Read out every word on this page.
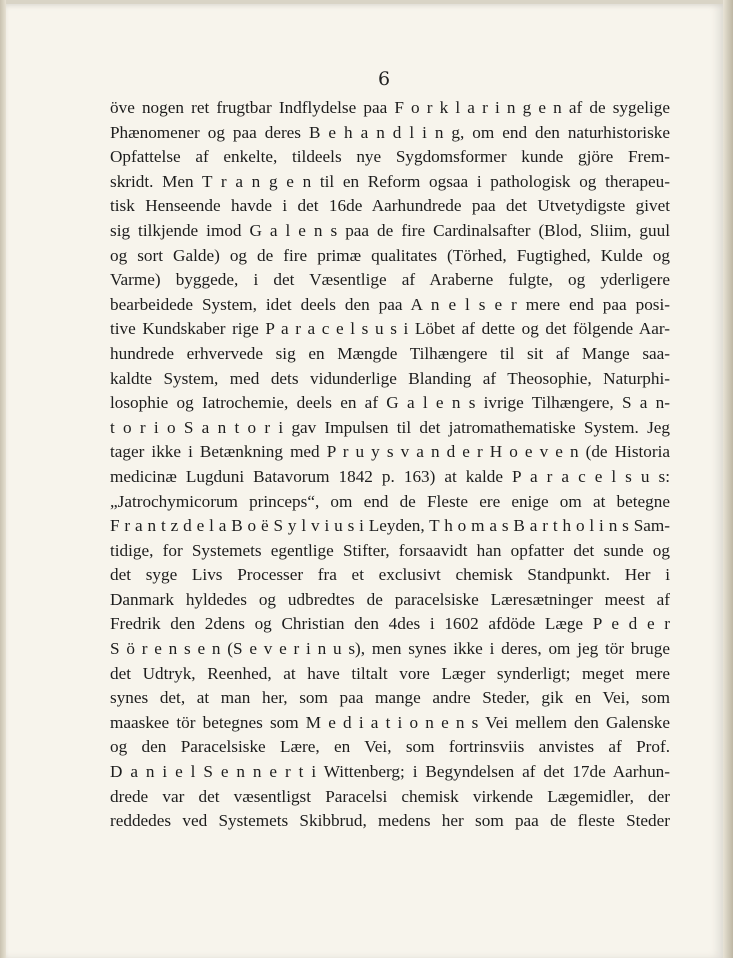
6
öve nogen ret frugtbar Indflydelse paa F o r k l a r i n g e n af de sygelige
Phænomener og paa deres B e h a n d l i n g, om end den naturhistoriske
Opfattelse af enkelte, tildeels nye Sygdomsformer kunde gjöre Frem-
skridt. Men T r a n g e n til en Reform ogsaa i pathologisk og therapeu-
tisk Henseende havde i det 16de Aarhundrede paa det Utvetydigste givet
sig tilkjende imod G a l e n s paa de fire Cardinalsafter (Blod, Sliim, guul
og sort Galde) og de fire primæ qualitates (Törhed, Fugtighed, Kulde og
Varme) byggede, i det Væsentlige af Araberne fulgte, og yderligere
bearbeidede System, idet deels den paa A n e l s e r mere end paa posi-
tive Kundskaber rige P a r a c e l s u s i Löbet af dette og det fölgende Aar-
hundrede erhvervede sig en Mængde Tilhængere til sit af Mange saa-
kaldte System, med dets vidunderlige Blanding af Theosophie, Naturphi-
losophie og Iatrochemie, deels en af G a l e n s ivrige Tilhængere, S a n-
t o r i o S a n t o r i gav Impulsen til det jatromathematiske System. Jeg
tager ikke i Betænkning med P r u y s v a n d e r H o e v e n (de Historia
medicinæ Lugduni Batavorum 1842 p. 163) at kalde P a r a c e l s u s:
„Jatrochymicorum princeps“, om end de Fleste ere enige om at betegne
F r a n t z d e l a B o ë S y l v i u s i Leyden, T h o m a s B a r t h o l i n s Sam-
tidige, for Systemets egentlige Stifter, forsaavidt han opfatter det sunde og
det syge Livs Processer fra et exclusivt chemisk Standpunkt. Her i
Danmark hyldedes og udbredtes de paracelsiske Læresætninger meest af
Fredrik den 2dens og Christian den 4des i 1602 afdöde Læge P e d e r
S ö r e n s e n (S e v e r i n u s), men synes ikke i deres, om jeg tör bruge
det Udtryk, Reenhed, at have tiltalt vore Læger synderligt; meget mere
synes det, at man her, som paa mange andre Steder, gik en Vei, som
maaskee tör betegnes som M e d i a t i o n e n s Vei mellem den Galenske
og den Paracelsiske Lære, en Vei, som fortrinsviis anvistes af Prof.
D a n i e l S e n n e r t i Wittenberg; i Begyndelsen af det 17de Aarhun-
drede var det væsentligst Paracelsi chemisk virkende Lægemidler, der
reddedes ved Systemets Skibbrud, medens her som paa de fleste Steder
